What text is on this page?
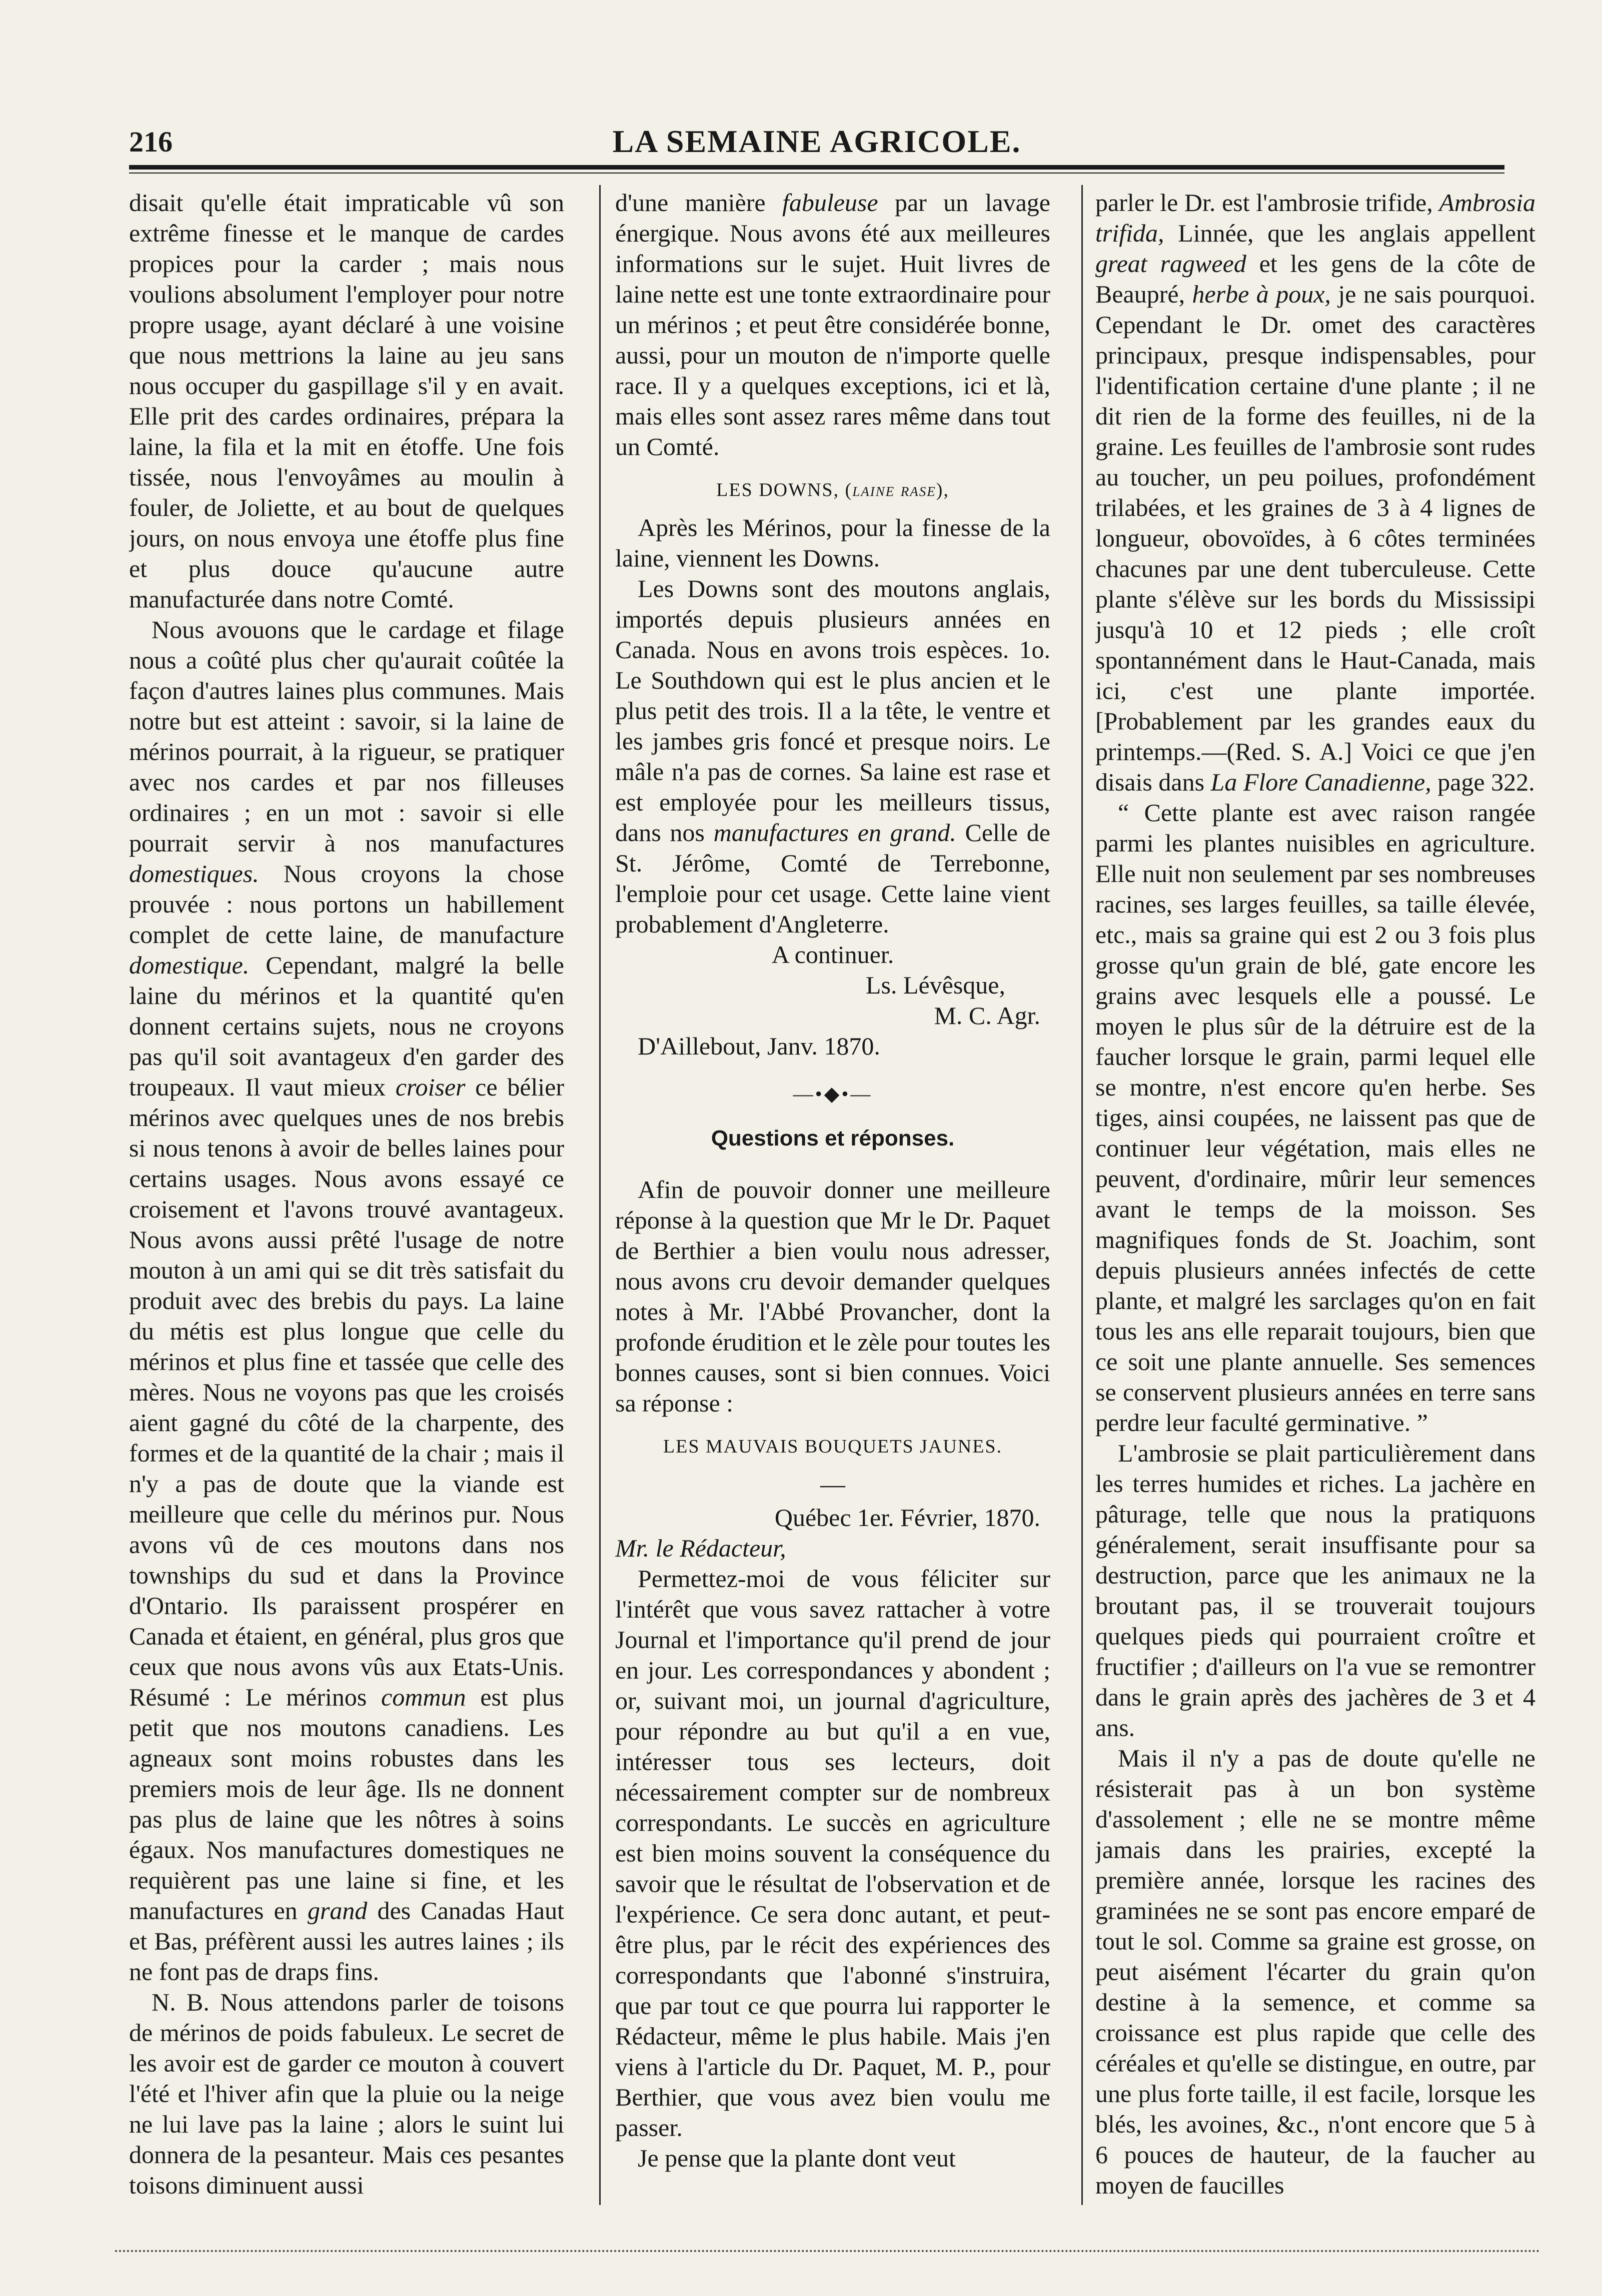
216	LA SEMAINE AGRICOLE.

disait qu'elle était impraticable vû son extrême finesse et le manque de cardes propices pour la carder ; mais nous voulions absolument l'employer pour notre propre usage, ayant déclaré à une voisine que nous mettrions la laine au jeu sans nous occuper du gaspillage s'il y en avait. Elle prit des cardes ordinaires, prépara la laine, la fila et la mit en étoffe. Une fois tissée, nous l'envoyâmes au moulin à fouler, de Joliette, et au bout de quelques jours, on nous envoya une étoffe plus fine et plus douce qu'aucune autre manufacturée dans notre Comté.

Nous avouons que le cardage et filage nous a coûté plus cher qu'aurait coûtée la façon d'autres laines plus communes. Mais notre but est atteint : savoir, si la laine de mérinos pourrait, à la rigueur, se pratiquer avec nos cardes et par nos filleuses ordinaires ; en un mot : savoir si elle pourrait servir à nos manufactures domestiques. Nous croyons la chose prouvée : nous portons un habillement complet de cette laine, de manufacture domestique. Cependant, malgré la belle laine du mérinos et la quantité qu'en donnent certains sujets, nous ne croyons pas qu'il soit avantageux d'en garder des troupeaux. Il vaut mieux croiser ce bélier mérinos avec quelques unes de nos brebis si nous tenons à avoir de belles laines pour certains usages. Nous avons essayé ce croisement et l'avons trouvé avantageux. Nous avons aussi prêté l'usage de notre mouton à un ami qui se dit très satisfait du produit avec des brebis du pays. La laine du métis est plus longue que celle du mérinos et plus fine et tassée que celle des mères. Nous ne voyons pas que les croisés aient gagné du côté de la charpente, des formes et de la quantité de la chair ; mais il n'y a pas de doute que la viande est meilleure que celle du mérinos pur. Nous avons vû de ces moutons dans nos townships du sud et dans la Province d'Ontario. Ils paraissent prospérer en Canada et étaient, en général, plus gros que ceux que nous avons vûs aux Etats-Unis. Résumé : Le mérinos commun est plus petit que nos moutons canadiens. Les agneaux sont moins robustes dans les premiers mois de leur âge. Ils ne donnent pas plus de laine que les nôtres à soins égaux. Nos manufactures domestiques ne requièrent pas une laine si fine, et les manufactures en grand des Canadas Haut et Bas, préfèrent aussi les autres laines ; ils ne font pas de draps fins.

N. B. Nous attendons parler de toisons de mérinos de poids fabuleux. Le secret de les avoir est de garder ce mouton à couvert l'été et l'hiver afin que la pluie ou la neige ne lui lave pas la laine ; alors le suint lui donnera de la pesanteur. Mais ces pesantes toisons diminuent aussi

d'une manière fabuleuse par un lavage énergique. Nous avons été aux meilleures informations sur le sujet. Huit livres de laine nette est une tonte extraordinaire pour un mérinos ; et peut être considérée bonne, aussi, pour un mouton de n'importe quelle race. Il y a quelques exceptions, ici et là, mais elles sont assez rares même dans tout un Comté.

LES DOWNS, (laine rase),

Après les Mérinos, pour la finesse de la laine, viennent les Downs.

Les Downs sont des moutons anglais, importés depuis plusieurs années en Canada. Nous en avons trois espèces. 1o. Le Southdown qui est le plus ancien et le plus petit des trois. Il a la tête, le ventre et les jambes gris foncé et presque noirs. Le mâle n'a pas de cornes. Sa laine est rase et est employée pour les meilleurs tissus, dans nos manufactures en grand. Celle de St. Jérôme, Comté de Terrebonne, l'emploie pour cet usage. Cette laine vient probablement d'Angleterre.

A continuer.

Ls. Lévêsque,

M. C. Agr.

D'Aillebout, Janv. 1870.

—•◆•—
Questions et réponses.

Afin de pouvoir donner une meilleure réponse à la question que Mr le Dr. Paquet de Berthier a bien voulu nous adresser, nous avons cru devoir demander quelques notes à Mr. l'Abbé Provancher, dont la profonde érudition et le zèle pour toutes les bonnes causes, sont si bien connues. Voici sa réponse :

LES MAUVAIS BOUQUETS JAUNES.
—

Québec 1er. Février, 1870.

Mr. le Rédacteur,

Permettez-moi de vous féliciter sur l'intérêt que vous savez rattacher à votre Journal et l'importance qu'il prend de jour en jour. Les correspondances y abondent ; or, suivant moi, un journal d'agriculture, pour répondre au but qu'il a en vue, intéresser tous ses lecteurs, doit nécessairement compter sur de nombreux correspondants. Le succès en agriculture est bien moins souvent la conséquence du savoir que le résultat de l'observation et de l'expérience. Ce sera donc autant, et peut-être plus, par le récit des expériences des correspondants que l'abonné s'instruira, que par tout ce que pourra lui rapporter le Rédacteur, même le plus habile. Mais j'en viens à l'article du Dr. Paquet, M. P., pour Berthier, que vous avez bien voulu me passer.

Je pense que la plante dont veut

parler le Dr. est l'ambrosie trifide, Ambrosia trifida, Linnée, que les anglais appellent great ragweed et les gens de la côte de Beaupré, herbe à poux, je ne sais pourquoi. Cependant le Dr. omet des caractères principaux, presque indispensables, pour l'identification certaine d'une plante ; il ne dit rien de la forme des feuilles, ni de la graine. Les feuilles de l'ambrosie sont rudes au toucher, un peu poilues, profondément trilabées, et les graines de 3 à 4 lignes de longueur, obovoïdes, à 6 côtes terminées chacunes par une dent tuberculeuse. Cette plante s'élève sur les bords du Mississipi jusqu'à 10 et 12 pieds ; elle croît spontannément dans le Haut-Canada, mais ici, c'est une plante importée. [Probablement par les grandes eaux du printemps.—(Red. S. A.] Voici ce que j'en disais dans La Flore Canadienne, page 322.

“ Cette plante est avec raison rangée parmi les plantes nuisibles en agriculture. Elle nuit non seulement par ses nombreuses racines, ses larges feuilles, sa taille élevée, etc., mais sa graine qui est 2 ou 3 fois plus grosse qu'un grain de blé, gate encore les grains avec lesquels elle a poussé. Le moyen le plus sûr de la détruire est de la faucher lorsque le grain, parmi lequel elle se montre, n'est encore qu'en herbe. Ses tiges, ainsi coupées, ne laissent pas que de continuer leur végétation, mais elles ne peuvent, d'ordinaire, mûrir leur semences avant le temps de la moisson. Ses magnifiques fonds de St. Joachim, sont depuis plusieurs années infectés de cette plante, et malgré les sarclages qu'on en fait tous les ans elle reparait toujours, bien que ce soit une plante annuelle. Ses semences se conservent plusieurs années en terre sans perdre leur faculté germinative. ”

L'ambrosie se plait particulièrement dans les terres humides et riches. La jachère en pâturage, telle que nous la pratiquons généralement, serait insuffisante pour sa destruction, parce que les animaux ne la broutant pas, il se trouverait toujours quelques pieds qui pourraient croître et fructifier ; d'ailleurs on l'a vue se remontrer dans le grain après des jachères de 3 et 4 ans.

Mais il n'y a pas de doute qu'elle ne résisterait pas à un bon système d'assolement ; elle ne se montre même jamais dans les prairies, excepté la première année, lorsque les racines des graminées ne se sont pas encore emparé de tout le sol. Comme sa graine est grosse, on peut aisément l'écarter du grain qu'on destine à la semence, et comme sa croissance est plus rapide que celle des céréales et qu'elle se distingue, en outre, par une plus forte taille, il est facile, lorsque les blés, les avoines, &c., n'ont encore que 5 à 6 pouces de hauteur, de la faucher au moyen de faucilles
